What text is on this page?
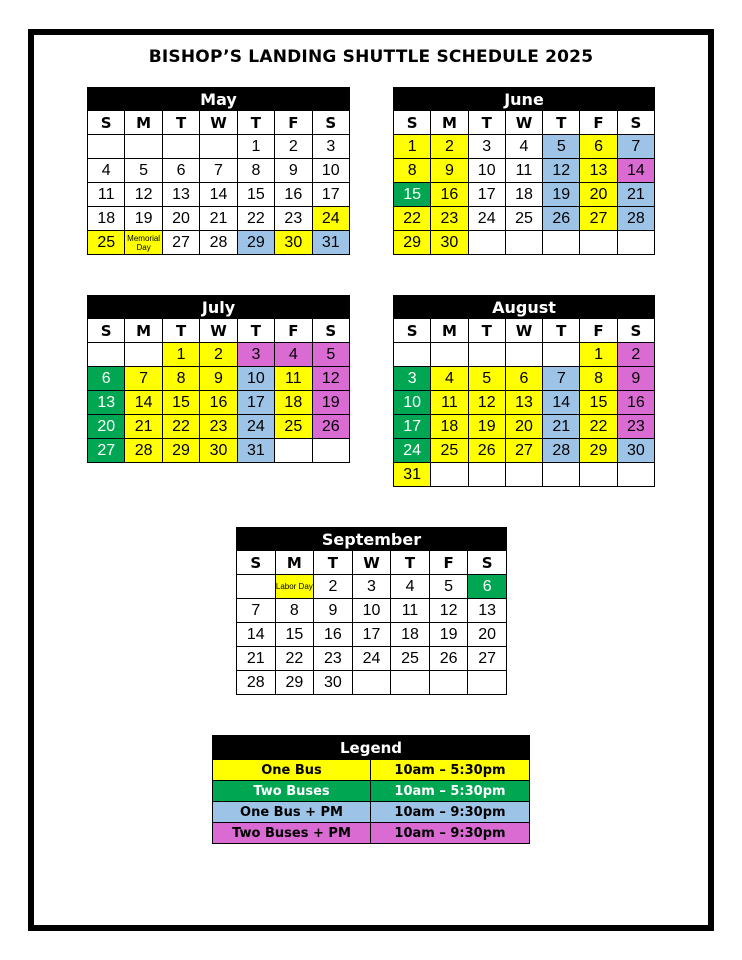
BISHOP’S LANDING SHUTTLE SCHEDULE 2025
May						
S	M	T	W	T	F	S
				1	2	3
4	5	6	7	8	9	10
11	12	13	14	15	16	17
18	19	20	21	22	23	24
25	Memorial Day	27	28	29	30	31
June						
S	M	T	W	T	F	S
1	2	3	4	5	6	7
8	9	10	11	12	13	14
15	16	17	18	19	20	21
22	23	24	25	26	27	28
29	30					
July						
S	M	T	W	T	F	S
		1	2	3	4	5
6	7	8	9	10	11	12
13	14	15	16	17	18	19
20	21	22	23	24	25	26
27	28	29	30	31		
August						
S	M	T	W	T	F	S
					1	2
3	4	5	6	7	8	9
10	11	12	13	14	15	16
17	18	19	20	21	22	23
24	25	26	27	28	29	30
31						
September						
S	M	T	W	T	F	S
	Labor Day	2	3	4	5	6
7	8	9	10	11	12	13
14	15	16	17	18	19	20
21	22	23	24	25	26	27
28	29	30				
Legend	
One Bus	10am – 5:30pm
Two Buses	10am – 5:30pm
One Bus + PM	10am – 9:30pm
Two Buses + PM	10am – 9:30pm
